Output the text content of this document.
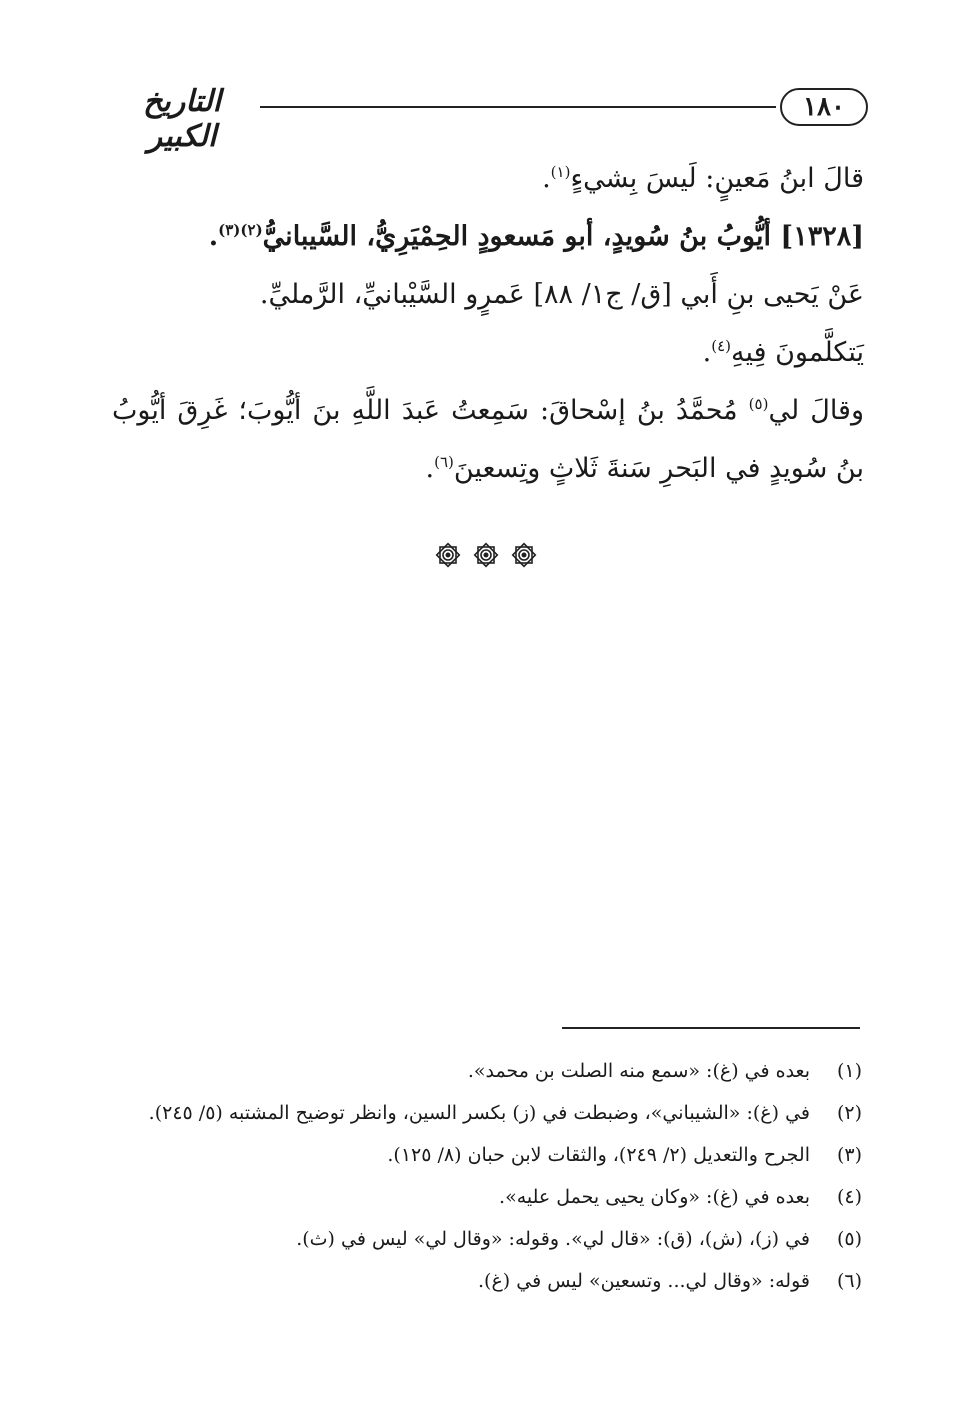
١٨٠
التاريخ الكبير

قالَ ابنُ مَعينٍ: لَيسَ بِشيءٍ$^{(١)}$.

[١٣٢٨] أيُّوبُ بنُ سُويدٍ، أبو مَسعودٍ الحِمْيَرِيُّ، السَّيبانيُّ$^{(٢)(٣)}$.

عَنْ يَحيى بنِ أَبي [ق/ ج١/ ٨٨] عَمرٍو السَّيْبانيِّ، الرَّمليِّ.

يَتكلَّمونَ فِيهِ$^{(٤)}$.

وقالَ لي$^{(٥)}$ مُحمَّدُ بنُ إسْحاقَ: سَمِعتُ عَبدَ اللَّهِ بنَ أيُّوبَ؛ غَرِقَ أيُّوبُ بنُ سُويدٍ في البَحرِ سَنةَ ثَلاثٍ وتِسعينَ$^{(٦)}$.

(١)
بعده في (غ): «سمع منه الصلت بن محمد».
(٢)
في (غ): «الشيباني»، وضبطت في (ز) بكسر السين، وانظر توضيح المشتبه (٥/ ٢٤٥).
(٣)
الجرح والتعديل (٢/ ٢٤٩)، والثقات لابن حبان (٨/ ١٢٥).
(٤)
بعده في (غ): «وكان يحيى يحمل عليه».
(٥)
في (ز)، (ش)، (ق): «قال لي». وقوله: «وقال لي» ليس في (ث).
(٦)
قوله: «وقال لي... وتسعين» ليس في (غ).
